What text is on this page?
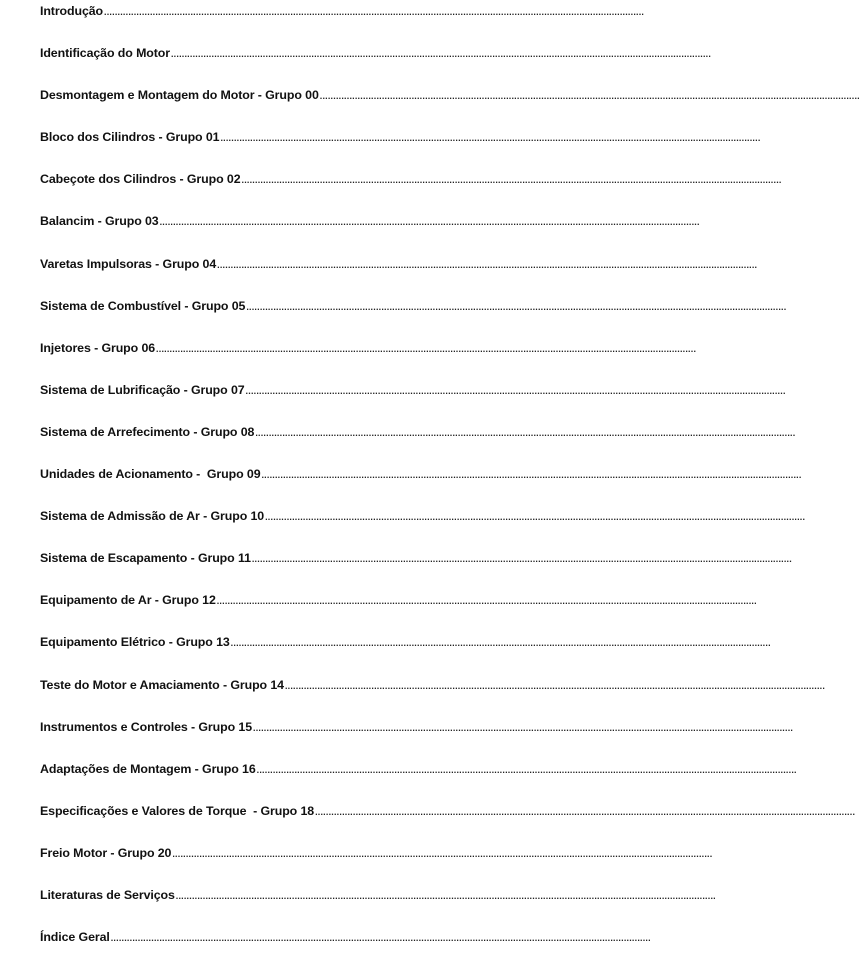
Introdução ........................................................................................................................................................................................................
Identificação do Motor ........................................................................................................................................................................................................
Desmontagem e Montagem do Motor - Grupo 00 ........................................................................................................................................................................................................
Bloco dos Cilindros - Grupo 01 ........................................................................................................................................................................................................
Cabeçote dos Cilindros - Grupo 02 ........................................................................................................................................................................................................
Balancim - Grupo 03 ........................................................................................................................................................................................................
Varetas Impulsoras - Grupo 04 ........................................................................................................................................................................................................
Sistema de Combustível - Grupo 05 ........................................................................................................................................................................................................
Injetores - Grupo 06 ........................................................................................................................................................................................................
Sistema de Lubrificação - Grupo 07 ........................................................................................................................................................................................................
Sistema de Arrefecimento - Grupo 08 ........................................................................................................................................................................................................
Unidades de Acionamento -  Grupo 09 ........................................................................................................................................................................................................
Sistema de Admissão de Ar - Grupo 10 ........................................................................................................................................................................................................
Sistema de Escapamento - Grupo 11 ........................................................................................................................................................................................................
Equipamento de Ar - Grupo 12 ........................................................................................................................................................................................................
Equipamento Elétrico - Grupo 13 ........................................................................................................................................................................................................
Teste do Motor e Amaciamento - Grupo 14 ........................................................................................................................................................................................................
Instrumentos e Controles - Grupo 15 ........................................................................................................................................................................................................
Adaptações de Montagem - Grupo 16 ........................................................................................................................................................................................................
Especificações e Valores de Torque  - Grupo 18 ........................................................................................................................................................................................................
Freio Motor - Grupo 20 ........................................................................................................................................................................................................
Literaturas de Serviços ........................................................................................................................................................................................................
Índice Geral ........................................................................................................................................................................................................
